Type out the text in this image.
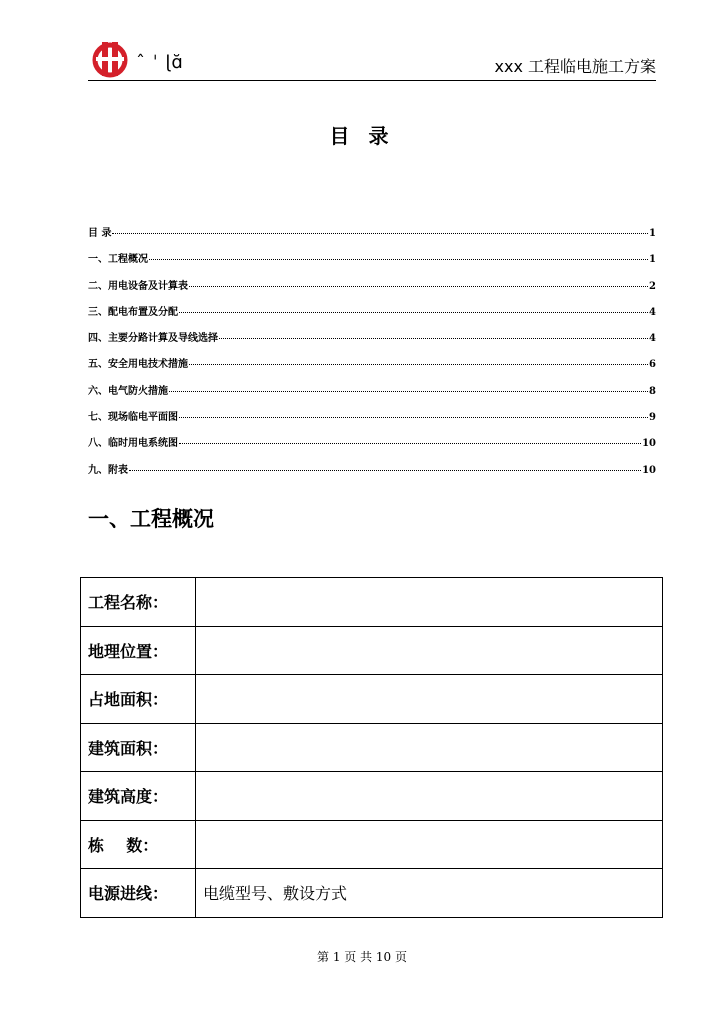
ˆ ˈ ɭɑ̆	xxx 工程临电施工方案
目 录
目 录	1
一、工程概况	1
二、用电设备及计算表	2
三、配电布置及分配	4
四、主要分路计算及导线选择	4
五、安全用电技术措施	6
六、电气防火措施	8
七、现场临电平面图	9
八、临时用电系统图	10
九、附表	10
一、工程概况
工程名称：	
地理位置：	
占地面积：	
建筑面积：	
建筑高度：	
栋    数：	
电源进线：	电缆型号、敷设方式
第 1 页 共 10 页
